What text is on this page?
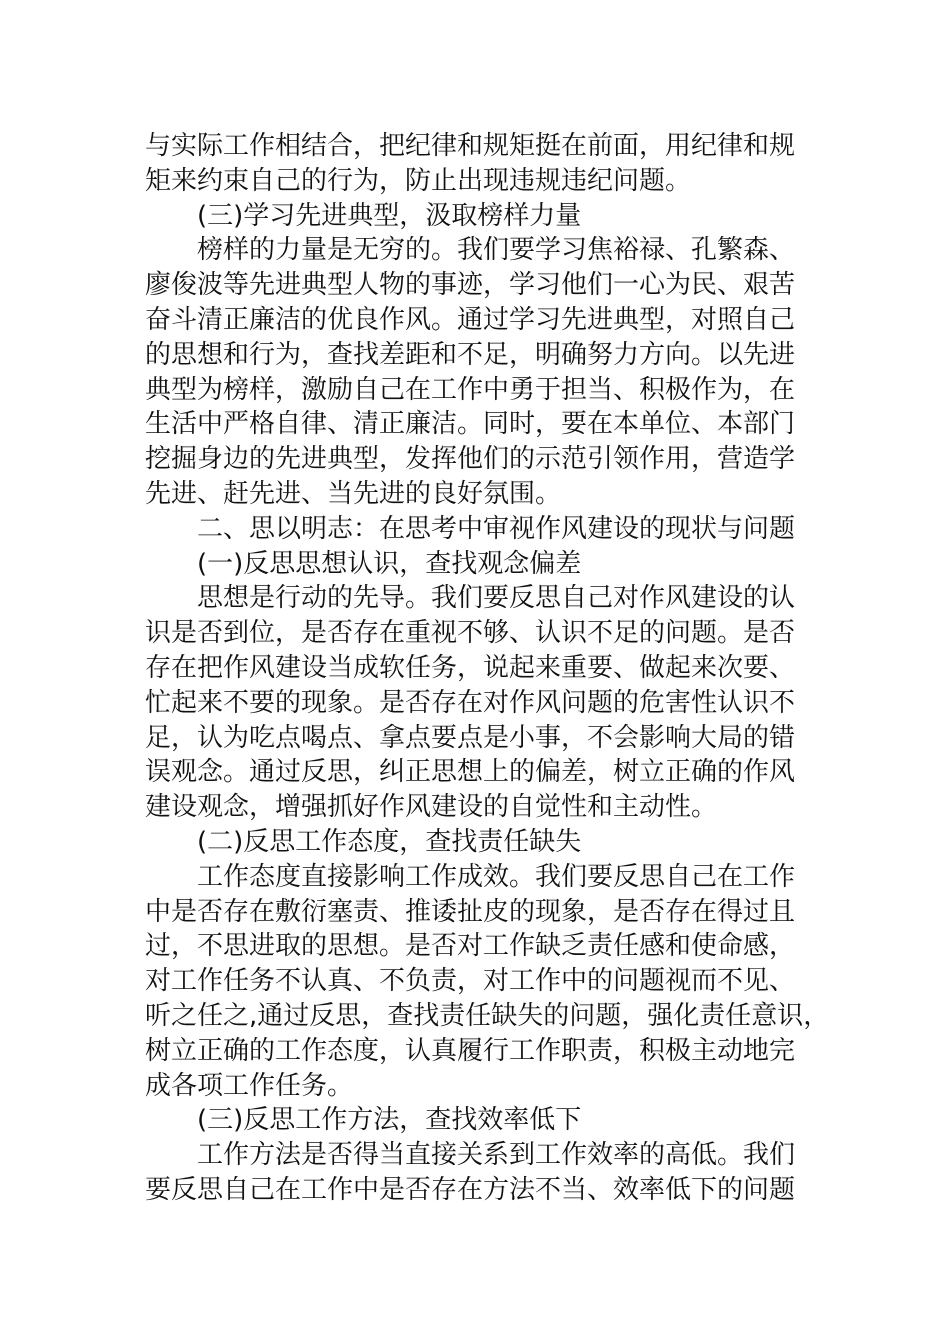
与实际工作相结合，把纪律和规矩挺在前面，用纪律和规
矩来约束自己的行为，防止出现违规违纪问题。
(三)学习先进典型，汲取榜样力量
榜样的力量是无穷的。我们要学习焦裕禄、孔繁森、
廖俊波等先进典型人物的事迹，学习他们一心为民、艰苦
奋斗清正廉洁的优良作风。通过学习先进典型，对照自己
的思想和行为，查找差距和不足，明确努力方向。以先进
典型为榜样，激励自己在工作中勇于担当、积极作为，在
生活中严格自律、清正廉洁。同时，要在本单位、本部门
挖掘身边的先进典型，发挥他们的示范引领作用，营造学
先进、赶先进、当先进的良好氛围。
二、思以明志：在思考中审视作风建设的现状与问题
(一)反思思想认识，查找观念偏差
思想是行动的先导。我们要反思自己对作风建设的认
识是否到位，是否存在重视不够、认识不足的问题。是否
存在把作风建设当成软任务，说起来重要、做起来次要、
忙起来不要的现象。是否存在对作风问题的危害性认识不
足，认为吃点喝点、拿点要点是小事，不会影响大局的错
误观念。通过反思，纠正思想上的偏差，树立正确的作风
建设观念，增强抓好作风建设的自觉性和主动性。
(二)反思工作态度，查找责任缺失
工作态度直接影响工作成效。我们要反思自己在工作
中是否存在敷衍塞责、推诿扯皮的现象，是否存在得过且
过，不思进取的思想。是否对工作缺乏责任感和使命感，
对工作任务不认真、不负责，对工作中的问题视而不见、
听之任之,通过反思，查找责任缺失的问题，强化责任意识，
树立正确的工作态度，认真履行工作职责，积极主动地完
成各项工作任务。
(三)反思工作方法，查找效率低下
工作方法是否得当直接关系到工作效率的高低。我们
要反思自己在工作中是否存在方法不当、效率低下的问题
